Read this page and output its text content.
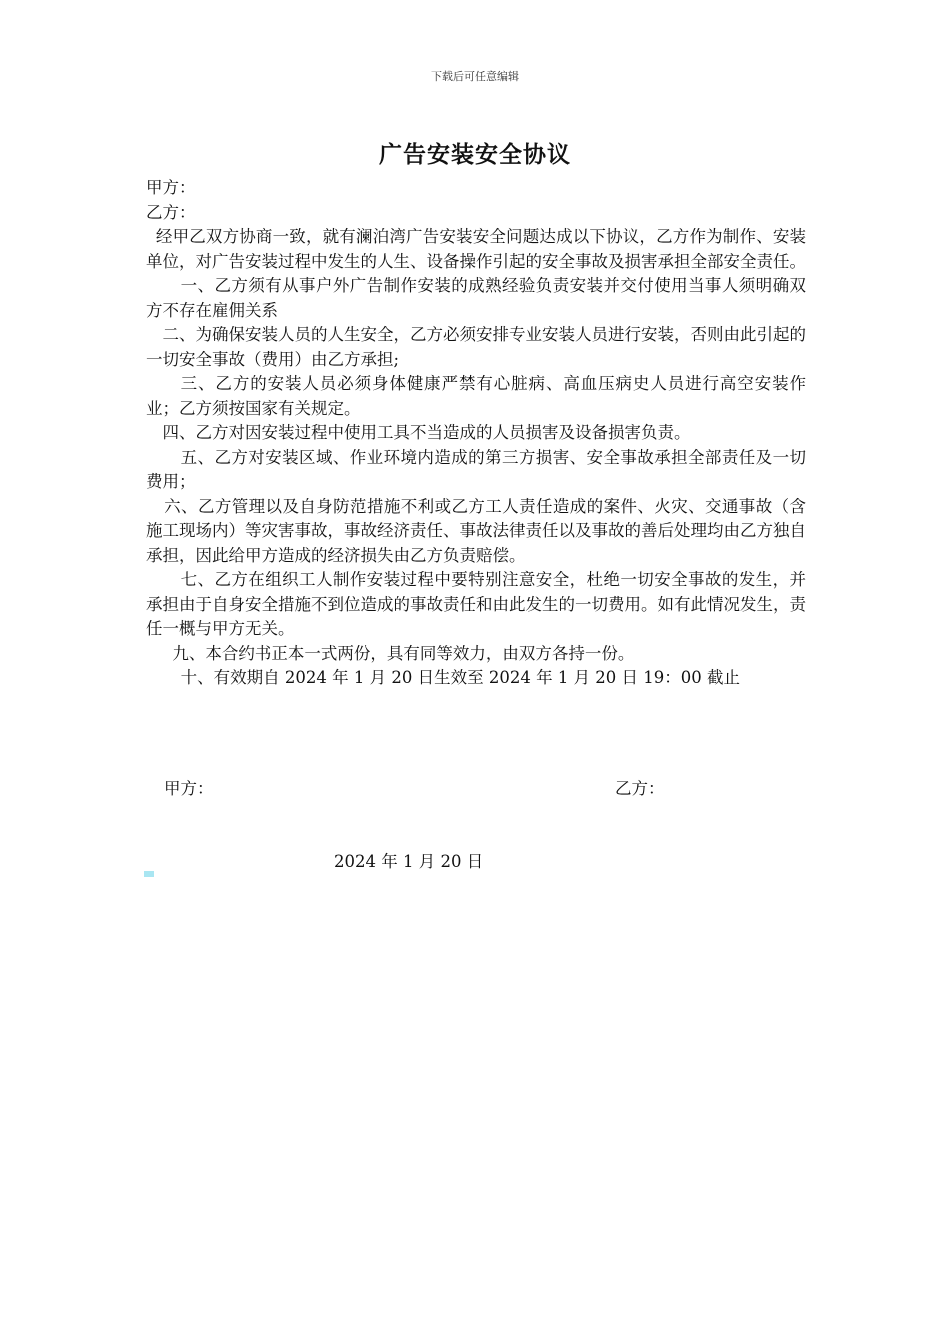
下载后可任意编辑
广告安装安全协议

甲方：

乙方：

经甲乙双方协商一致，就有澜泊湾广告安装安全问题达成以下协议，乙方作为制作、安装单位，对广告安装过程中发生的人生、设备操作引起的安全事故及损害承担全部安全责任。

一、乙方须有从事户外广告制作安装的成熟经验负责安装并交付使用当事人须明确双方不存在雇佣关系

二、为确保安装人员的人生安全，乙方必须安排专业安装人员进行安装，否则由此引起的一切安全事故（费用）由乙方承担;

三、乙方的安装人员必须身体健康严禁有心脏病、高血压病史人员进行高空安装作业；乙方须按国家有关规定。

四、乙方对因安装过程中使用工具不当造成的人员损害及设备损害负责。

五、乙方对安装区域、作业环境内造成的第三方损害、安全事故承担全部责任及一切费用；

六、乙方管理以及自身防范措施不利或乙方工人责任造成的案件、火灾、交通事故（含施工现场内）等灾害事故，事故经济责任、事故法律责任以及事故的善后处理均由乙方独自承担，因此给甲方造成的经济损失由乙方负责赔偿。

七、乙方在组织工人制作安装过程中要特别注意安全，杜绝一切安全事故的发生，并承担由于自身安全措施不到位造成的事故责任和由此发生的一切费用。如有此情况发生，责任一概与甲方无关。

九、本合约书正本一式两份，具有同等效力，由双方各持一份。

十、有效期自 2024 年 1 月 20 日生效至 2024 年 1 月 20 日 19：00 截止

甲方：	乙方：
2024 年 1 月 20 日
